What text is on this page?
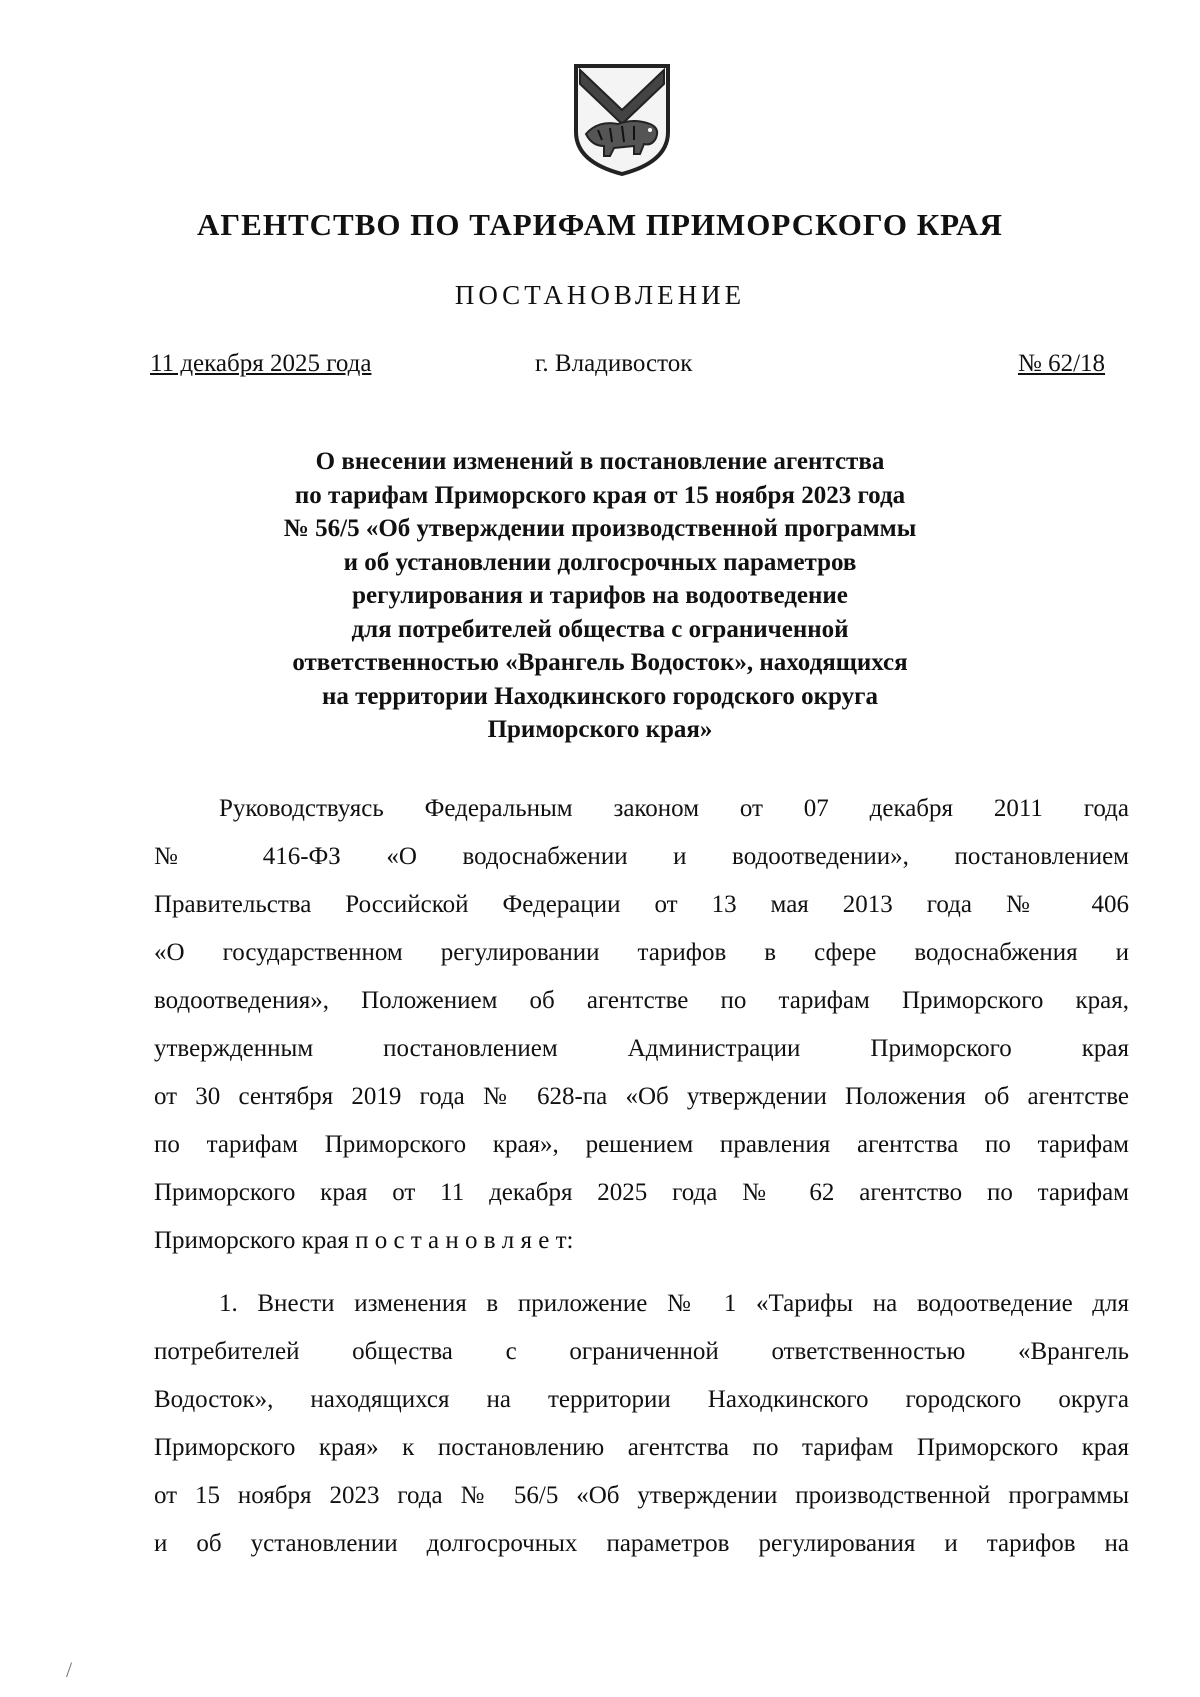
АГЕНТСТВО ПО ТАРИФАМ ПРИМОРСКОГО КРАЯ
ПОСТАНОВЛЕНИЕ
11 декабря 2025 года	г. Владивосток	№ 62/18
О внесении изменений в постановление агентства
по тарифам Приморского края от 15 ноября 2023 года
№ 56/5 «Об утверждении производственной программы
и об установлении долгосрочных параметров
регулирования и тарифов на водоотведение
для потребителей общества с ограниченной
ответственностью «Врангель Водосток», находящихся
на территории Находкинского городского округа
Приморского края»
Руководствуясь Федеральным законом от 07 декабря 2011 года
№ 416-ФЗ «О водоснабжении и водоотведении», постановлением
Правительства Российской Федерации от 13 мая 2013 года № 406
«О государственном регулировании тарифов в сфере водоснабжения и
водоотведения», Положением об агентстве по тарифам Приморского края,
утвержденным постановлением Администрации Приморского края
от 30 сентября 2019 года № 628-па «Об утверждении Положения об агентстве
по тарифам Приморского края», решением правления агентства по тарифам
Приморского края от 11 декабря 2025 года № 62 агентство по тарифам
Приморского края п о с т а н о в л я е т:
1. Внести изменения в приложение № 1 «Тарифы на водоотведение для
потребителей общества с ограниченной ответственностью «Врангель
Водосток», находящихся на территории Находкинского городского округа
Приморского края» к постановлению агентства по тарифам Приморского края
от 15 ноября 2023 года № 56/5 «Об утверждении производственной программы
и об установлении долгосрочных параметров регулирования и тарифов на
/
